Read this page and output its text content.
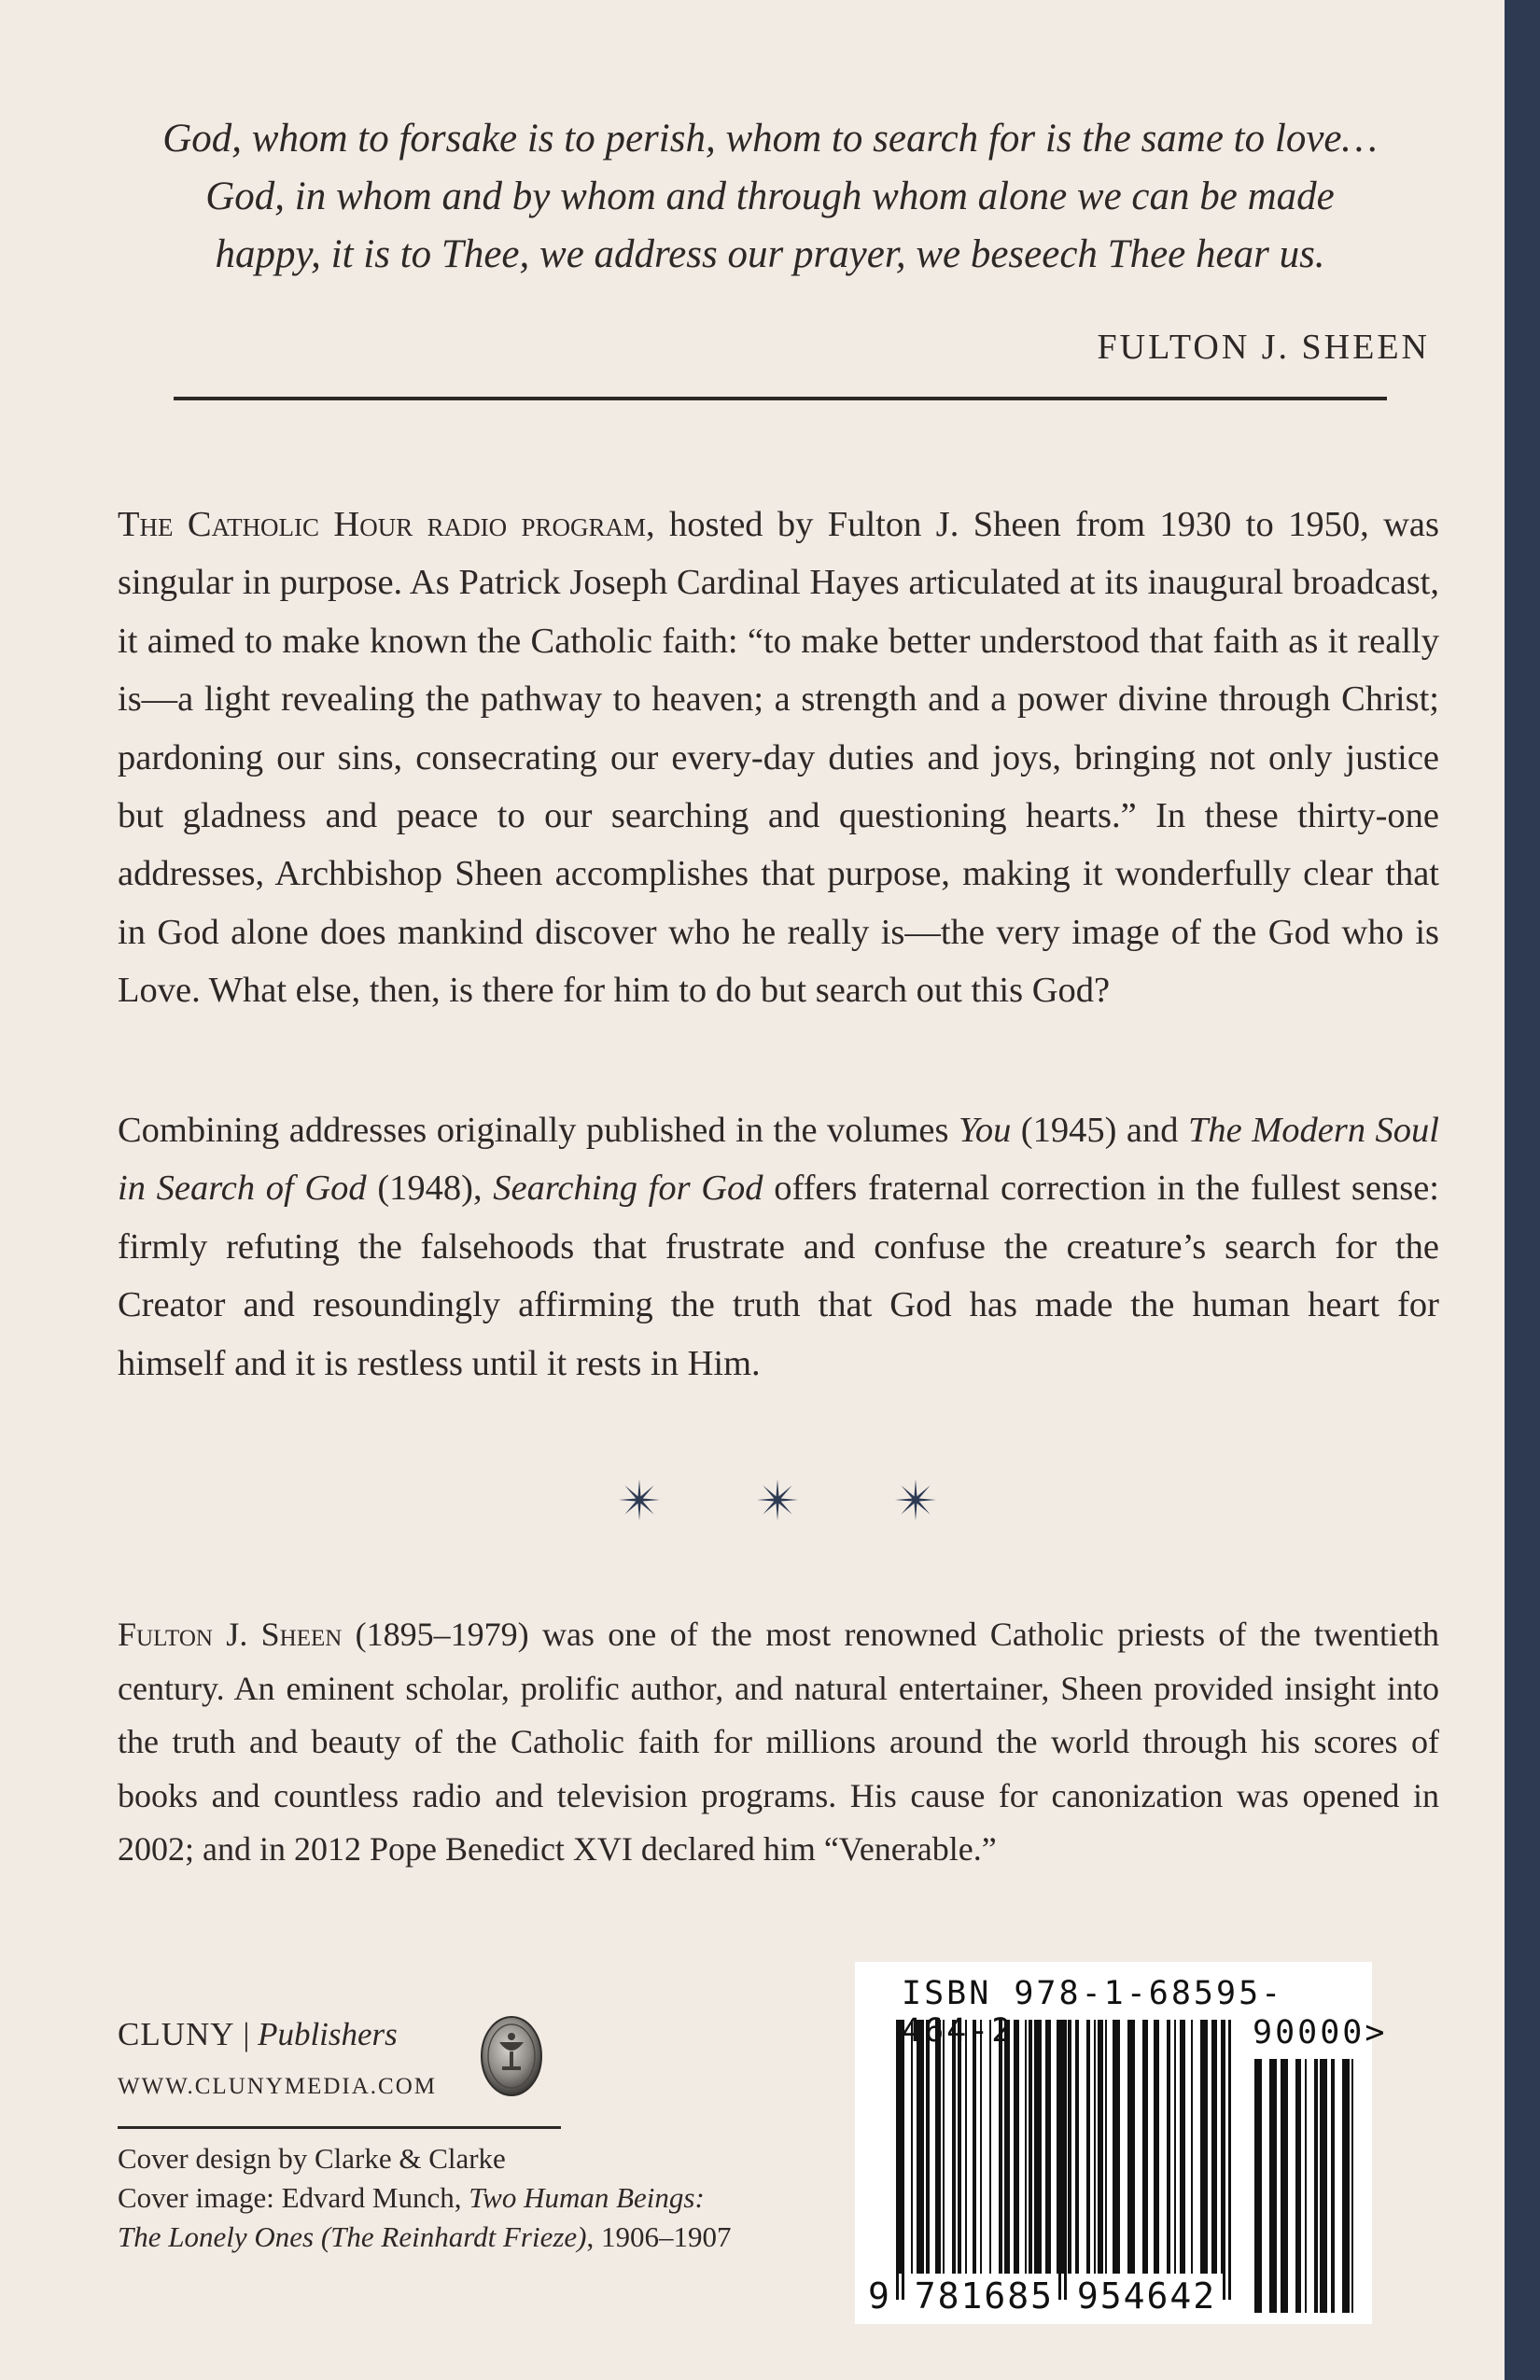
God, whom to forsake is to perish, whom to search for is the same to love…
God, in whom and by whom and through whom alone we can be made
happy, it is to Thee, we address our prayer, we beseech Thee hear us.
FULTON J. SHEEN

The Catholic Hour radio program, hosted by Fulton J. Sheen from 1930 to 1950, was singular in purpose. As Patrick Joseph Cardinal Hayes articulated at its inaugural broadcast, it aimed to make known the Catholic faith: “to make better understood that faith as it really is—a light revealing the pathway to heaven; a strength and a power divine through Christ; pardoning our sins, consecrating our every-day duties and joys, bringing not only justice but gladness and peace to our searching and questioning hearts.” In these thirty-one addresses, Archbishop Sheen accomplishes that purpose, making it wonderfully clear that in God alone does mankind discover who he really is—the very image of the God who is Love. What else, then, is there for him to do but search out this God?

Combining addresses originally published in the volumes You (1945) and The Modern Soul in Search of God (1948), Searching for God offers fraternal correction in the fullest sense: firmly refuting the falsehoods that frustrate and confuse the creature’s search for the Creator and resoundingly affirming the truth that God has made the human heart for himself and it is restless until it rests in Him.

Fulton J. Sheen (1895–1979) was one of the most renowned Catholic priests of the twentieth century. An eminent scholar, prolific author, and natural entertainer, Sheen provided insight into the truth and beauty of the Catholic faith for millions around the world through his scores of books and countless radio and television programs. His cause for canonization was opened in 2002; and in 2012 Pope Benedict XVI declared him “Venerable.”

CLUNY | Publishers
WWW.CLUNYMEDIA.COM
Cover design by Clarke & Clarke
Cover image: Edvard Munch, Two Human Beings:
The Lonely Ones (The Reinhardt Frieze), 1906–1907
ISBN 978-1-68595-464-2	90000>
9 781685 954642
